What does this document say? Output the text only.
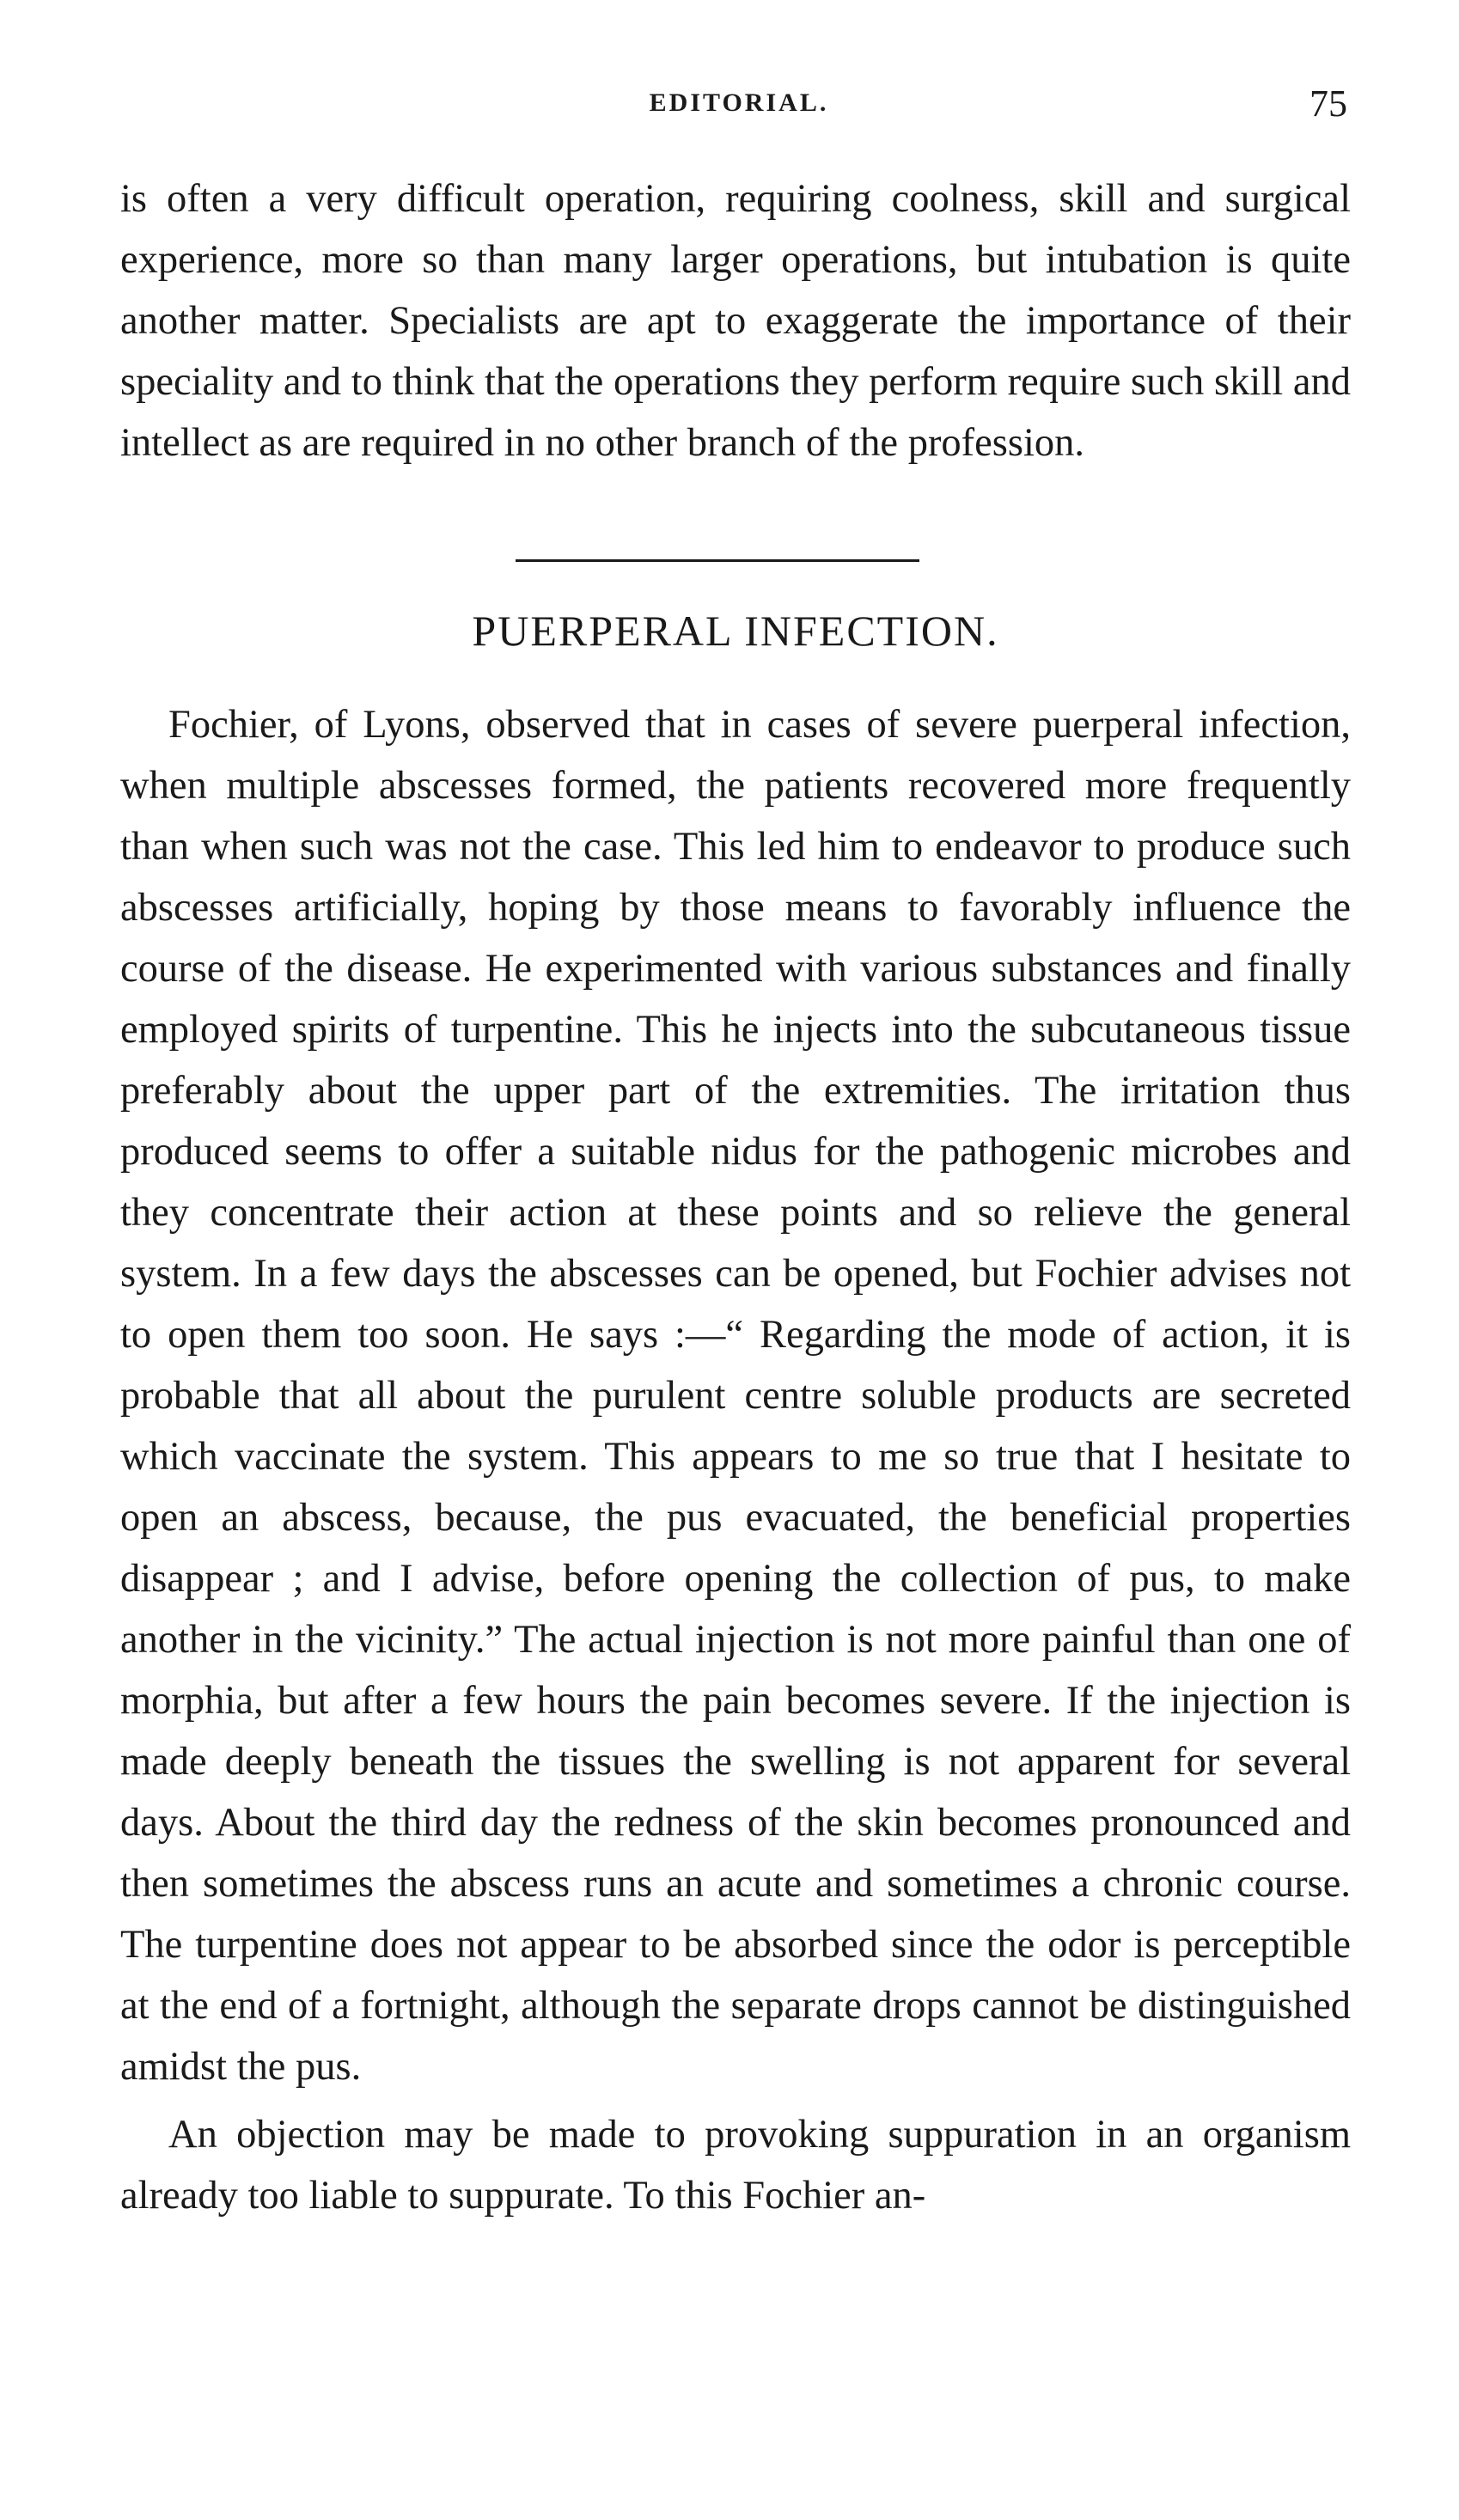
EDITORIAL.	75

is often a very difficult operation, requiring coolness, skill and surgical experience, more so than many larger operations, but intubation is quite another matter. Specialists are apt to exaggerate the importance of their speciality and to think that the operations they perform require such skill and intellect as are required in no other branch of the profession.

PUERPERAL INFECTION.

Fochier, of Lyons, observed that in cases of severe puerperal infection, when multiple abscesses formed, the patients recovered more frequently than when such was not the case. This led him to endeavor to produce such abscesses artificially, hoping by those means to favorably influence the course of the disease. He experimented with various substances and finally employed spirits of turpentine. This he injects into the subcutaneous tissue preferably about the upper part of the extremities. The irritation thus produced seems to offer a suitable nidus for the pathogenic microbes and they concentrate their action at these points and so relieve the general system. In a few days the abscesses can be opened, but Fochier advises not to open them too soon. He says :—“ Regarding the mode of action, it is probable that all about the purulent centre soluble products are secreted which vaccinate the system. This appears to me so true that I hesitate to open an abscess, because, the pus evacuated, the beneficial properties disappear ; and I advise, before opening the collection of pus, to make another in the vicinity.” The actual injection is not more painful than one of morphia, but after a few hours the pain becomes severe. If the injection is made deeply beneath the tissues the swelling is not apparent for several days. About the third day the redness of the skin becomes pronounced and then sometimes the abscess runs an acute and sometimes a chronic course. The turpentine does not appear to be absorbed since the odor is perceptible at the end of a fortnight, although the separate drops cannot be distinguished amidst the pus.

An objection may be made to provoking suppuration in an organism already too liable to suppurate. To this Fochier an-
